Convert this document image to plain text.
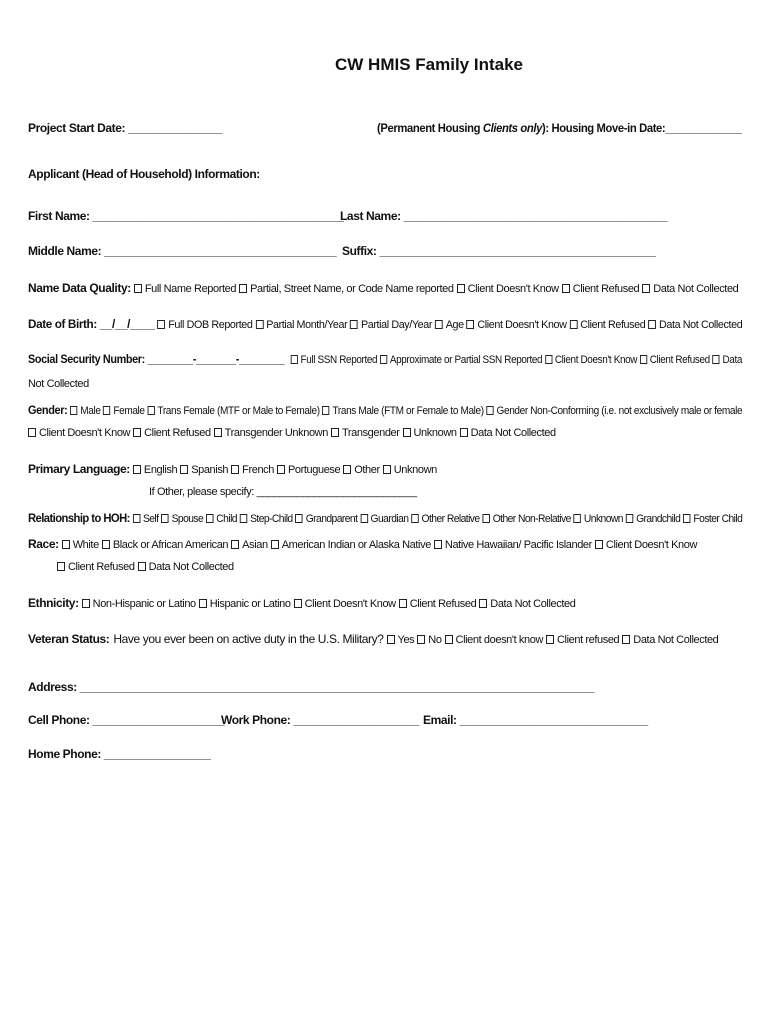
CW HMIS Family Intake
Project Start Date: _______________	(Permanent Housing Clients only): Housing Move-in Date:_____________
Applicant (Head of Household) Information:
First Name: ________________________________________
Last Name: __________________________________________
Middle Name: _____________________________________ Suffix: ____________________________________________
Name Data Quality: Full Name Reported Partial, Street Name, or Code Name reported Client Doesn't Know Client Refused Data Not Collected
Date of Birth: __/__/____ Full DOB Reported Partial Month/Year Partial Day/Year Age Client Doesn't Know Client Refused Data Not Collected
Social Security Number: ________-_______-________ Full SSN Reported Approximate or Partial SSN Reported Client Doesn't Know Client Refused Data
Not Collected
Gender: Male Female Trans Female (MTF or Male to Female) Trans Male (FTM or Female to Male) Gender Non-Conforming (i.e. not exclusively male or female
Client Doesn't Know Client Refused Transgender Unknown Transgender Unknown Data Not Collected
Primary Language: English Spanish French Portuguese Other Unknown
If Other, please specify: ____________________________
Relationship to HOH: Self Spouse Child Step-Child Grandparent Guardian Other Relative Other Non-Relative Unknown Grandchild Foster Child
Race: White Black or African American Asian American Indian or Alaska Native Native Hawaiian/ Pacific Islander Client Doesn't Know
Client Refused Data Not Collected
Ethnicity: Non-Hispanic or Latino Hispanic or Latino Client Doesn't Know Client Refused Data Not Collected
Veteran Status: Have you ever been on active duty in the U.S. Military? Yes No Client doesn't know Client refused Data Not Collected
Address: __________________________________________________________________________________
Cell Phone: _____________________
Work Phone: ____________________ Email: ______________________________
Home Phone: _________________
